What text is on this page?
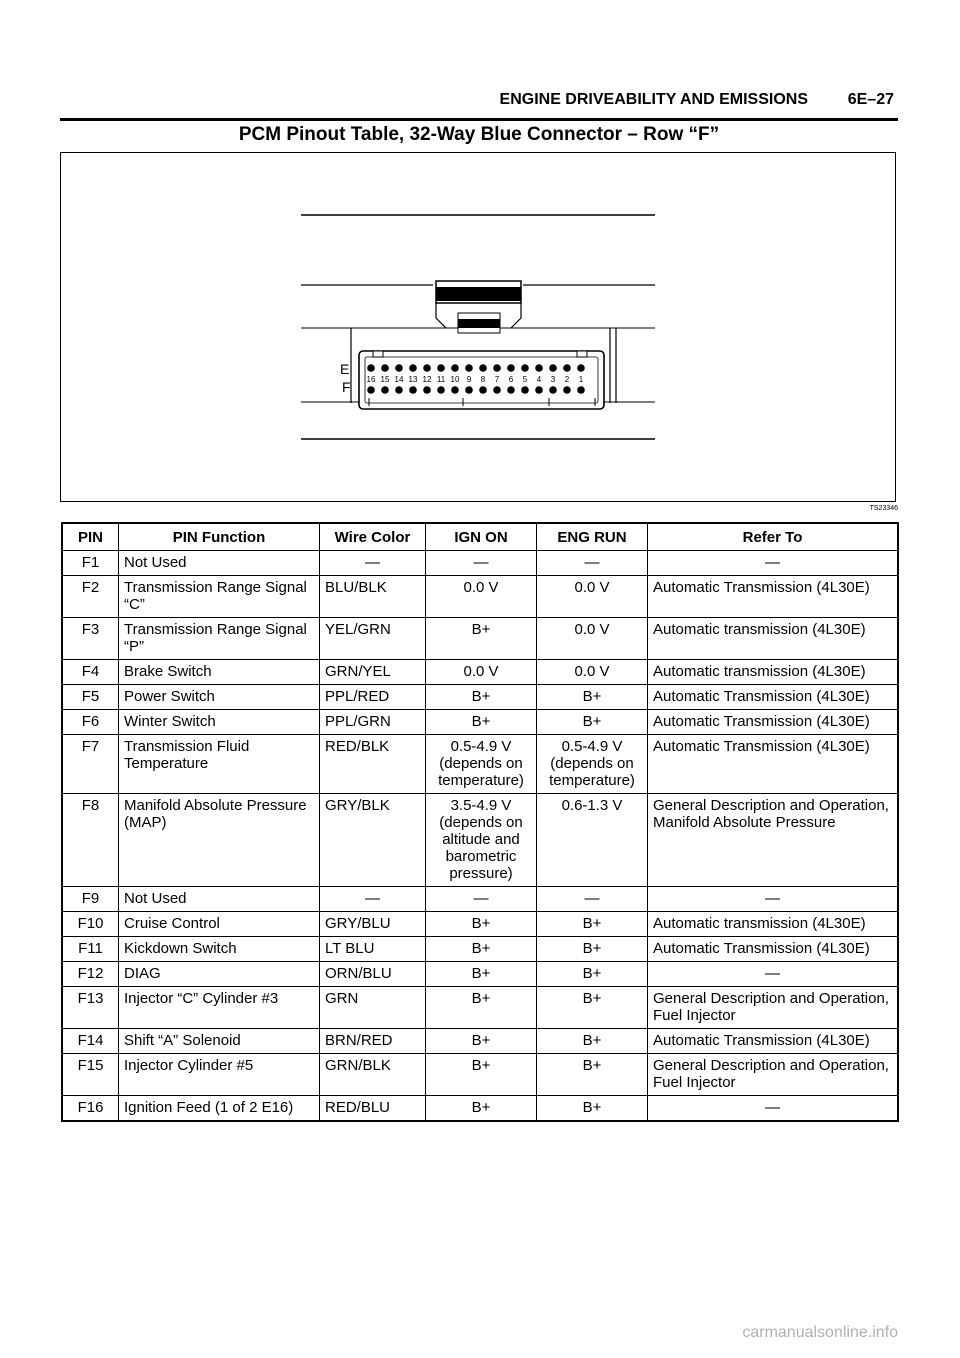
ENGINE DRIVEABILITY AND EMISSIONS 6E–27
PCM Pinout Table, 32-Way Blue Connector – Row “F”
E
F 16 15 14 13 12 11 10 9 8 7 6 5 4 3 2 1
TS23346
PIN	PIN Function	Wire Color	IGN ON	ENG RUN	Refer To
F1	Not Used	—	—	—	—
F2	Transmission Range Signal “C”	BLU/BLK	0.0 V	0.0 V	Automatic Transmission (4L30E)
F3	Transmission Range Signal “P”	YEL/GRN	B+	0.0 V	Automatic transmission (4L30E)
F4	Brake Switch	GRN/YEL	0.0 V	0.0 V	Automatic transmission (4L30E)
F5	Power Switch	PPL/RED	B+	B+	Automatic Transmission (4L30E)
F6	Winter Switch	PPL/GRN	B+	B+	Automatic Transmission (4L30E)
F7	Transmission Fluid Temperature	RED/BLK	0.5-4.9 V (depends on temperature)	0.5-4.9 V (depends on temperature)	Automatic Transmission (4L30E)
F8	Manifold Absolute Pressure (MAP)	GRY/BLK	3.5-4.9 V (depends on altitude and barometric pressure)	0.6-1.3 V	General Description and Operation, Manifold Absolute Pressure
F9	Not Used	—	—	—	—
F10	Cruise Control	GRY/BLU	B+	B+	Automatic transmission (4L30E)
F11	Kickdown Switch	LT BLU	B+	B+	Automatic Transmission (4L30E)
F12	DIAG	ORN/BLU	B+	B+	—
F13	Injector “C” Cylinder #3	GRN	B+	B+	General Description and Operation, Fuel Injector
F14	Shift “A” Solenoid	BRN/RED	B+	B+	Automatic Transmission (4L30E)
F15	Injector Cylinder #5	GRN/BLK	B+	B+	General Description and Operation, Fuel Injector
F16	Ignition Feed (1 of 2 E16)	RED/BLU	B+	B+	—
carmanualsonline.info
